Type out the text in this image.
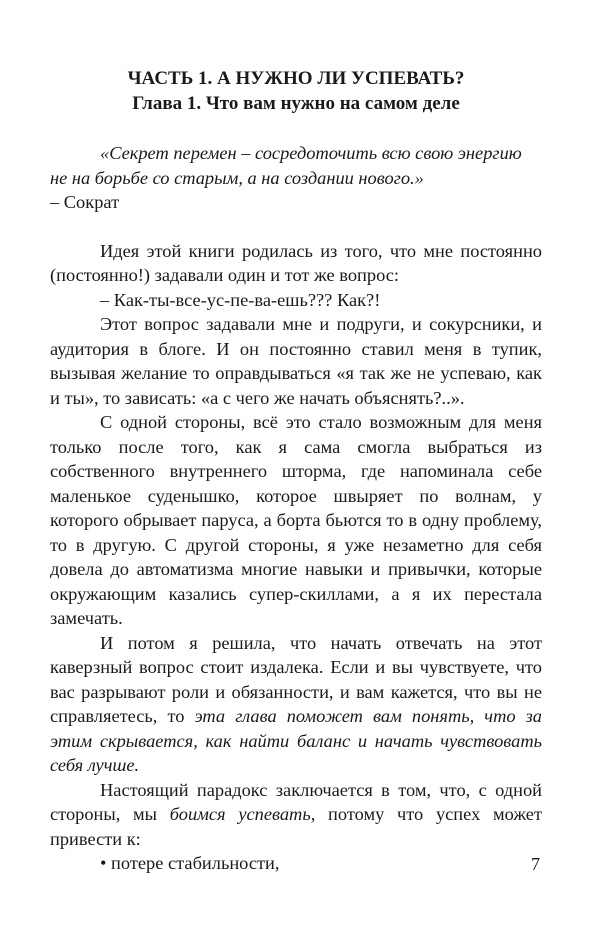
ЧАСТЬ 1. А НУЖНО ЛИ УСПЕВАТЬ?

Глава 1. Что вам нужно на самом деле

«Секрет перемен – сосредоточить всю свою энергию не на борьбе со старым, а на создании нового.»
– Сократ

Идея этой книги родилась из того, что мне постоянно (постоянно!) задавали один и тот же вопрос:

– Как-ты-все-ус-пе-ва-ешь??? Как?!

Этот вопрос задавали мне и подруги, и сокурсники, и аудитория в блоге. И он постоянно ставил меня в тупик, вызывая желание то оправдываться «я так же не успеваю, как и ты», то зависать: «а с чего же начать объяснять?..».

С одной стороны, всё это стало возможным для меня только после того, как я сама смогла выбраться из собственного внутреннего шторма, где напоминала себе маленькое суденышко, которое швыряет по волнам, у которого обрывает паруса, а борта бьются то в одну проблему, то в другую. С другой стороны, я уже незаметно для себя довела до автоматизма многие навыки и привычки, которые окружающим казались супер-скиллами, а я их перестала замечать.

И потом я решила, что начать отвечать на этот каверзный вопрос стоит издалека. Если и вы чувствуете, что вас разрывают роли и обязанности, и вам кажется, что вы не справляетесь, то эта глава поможет вам понять, что за этим скрывается, как найти баланс и начать чувствовать себя лучше.

Настоящий парадокс заключается в том, что, с одной стороны, мы боимся успевать, потому что успех может привести к:

• потере стабильности,	7
